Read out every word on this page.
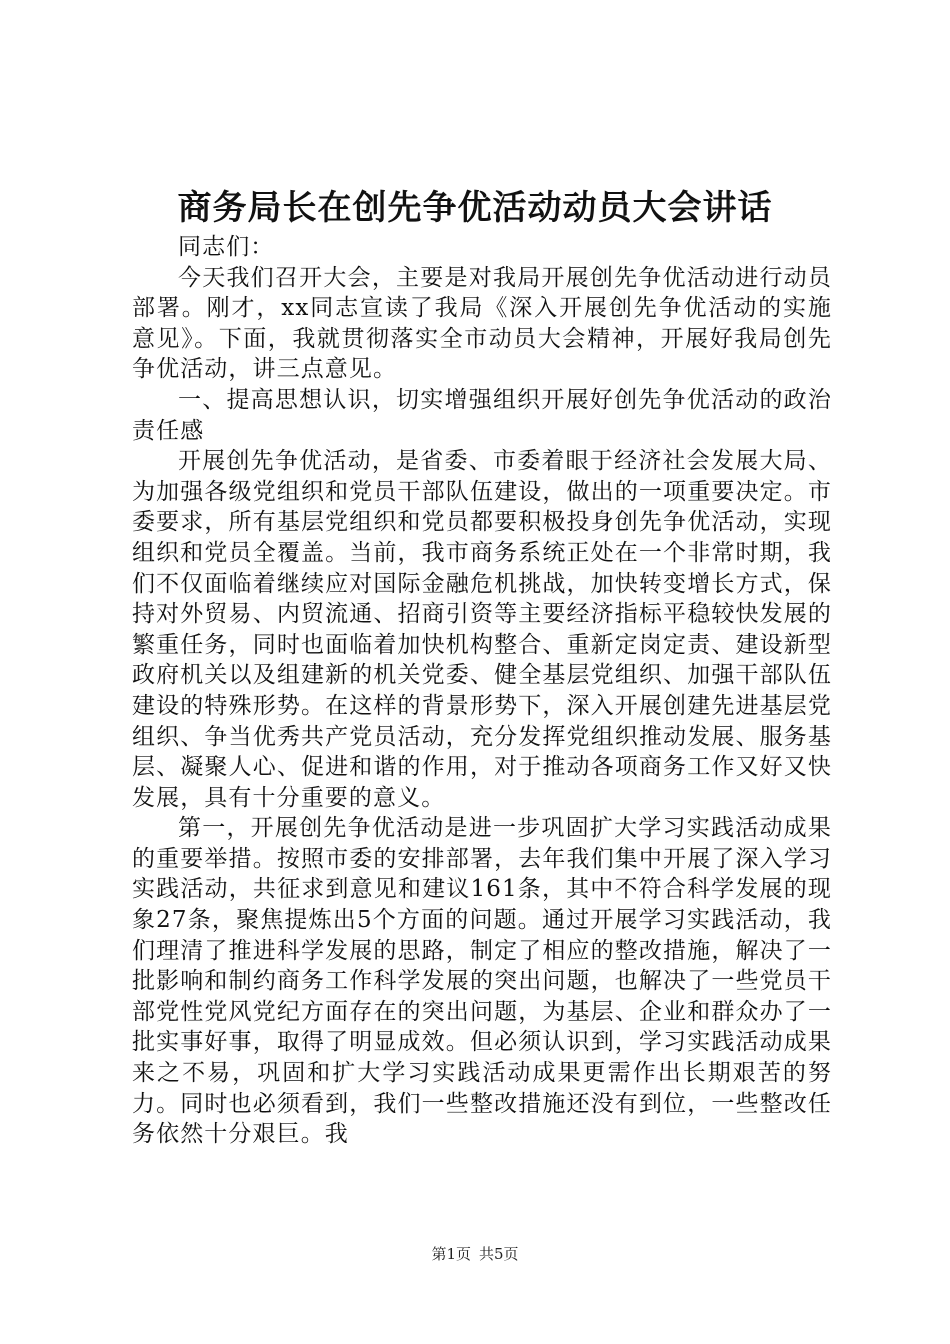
商务局长在创先争优活动动员大会讲话

同志们：

今天我们召开大会，主要是对我局开展创先争优活动进行动员部署。刚才，xx同志宣读了我局《深入开展创先争优活动的实施意见》。下面，我就贯彻落实全市动员大会精神，开展好我局创先争优活动，讲三点意见。

一、提高思想认识，切实增强组织开展好创先争优活动的政治责任感

开展创先争优活动，是省委、市委着眼于经济社会发展大局、为加强各级党组织和党员干部队伍建设，做出的一项重要决定。市委要求，所有基层党组织和党员都要积极投身创先争优活动，实现组织和党员全覆盖。当前，我市商务系统正处在一个非常时期，我们不仅面临着继续应对国际金融危机挑战，加快转变增长方式，保持对外贸易、内贸流通、招商引资等主要经济指标平稳较快发展的繁重任务，同时也面临着加快机构整合、重新定岗定责、建设新型政府机关以及组建新的机关党委、健全基层党组织、加强干部队伍建设的特殊形势。在这样的背景形势下，深入开展创建先进基层党组织、争当优秀共产党员活动，充分发挥党组织推动发展、服务基层、凝聚人心、促进和谐的作用，对于推动各项商务工作又好又快发展，具有十分重要的意义。

第一，开展创先争优活动是进一步巩固扩大学习实践活动成果的重要举措。按照市委的安排部署，去年我们集中开展了深入学习实践活动，共征求到意见和建议161条，其中不符合科学发展的现象27条，聚焦提炼出5个方面的问题。通过开展学习实践活动，我们理清了推进科学发展的思路，制定了相应的整改措施，解决了一批影响和制约商务工作科学发展的突出问题，也解决了一些党员干部党性党风党纪方面存在的突出问题，为基层、企业和群众办了一批实事好事，取得了明显成效。但必须认识到，学习实践活动成果来之不易，巩固和扩大学习实践活动成果更需作出长期艰苦的努力。同时也必须看到，我们一些整改措施还没有到位，一些整改任务依然十分艰巨。我

第1页 共5页
